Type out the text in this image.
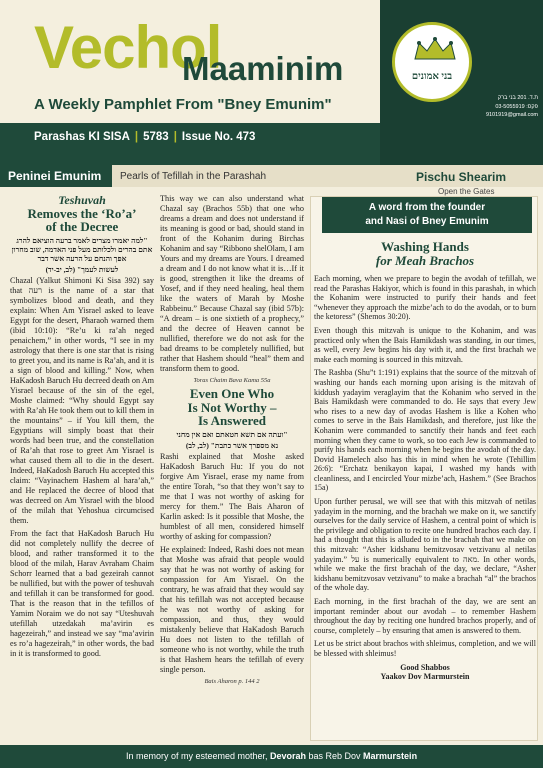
Vechol
Maaminim
A Weekly Pamphlet From "Bney Emunim"
Parashas KI SISA | 5783 | Issue No. 473
בני אמונים
ת.ד. 201 בני ברק
03-5055919 :פקס
9101919@gmail.com
Peninei Emunim Pearls of Tefillah in the Parashah	Pischu Shearim
Open the Gates
Teshuvah
Removes the ‘Ro’a’
of the Decree
"למה יאמרו מצרים לאמר ברעה הוציאם להרג אתם בהרים ולכלותם מעל פני האדמה, שוב מחרון אפך והנחם על הרעה אשר דבר
לעשות לעמך" (לב, יב-יד)

Chazal (Yalkut Shimoni Ki Sisa 392) say that רעה is the name of a star that symbolizes blood and death, and they explain: When Am Yisrael asked to leave Egypt for the desert, Pharaoh warned them (ibid 10:10): “Re’u ki ra’ah neged penaichem,” in other words, “I see in my astrology that there is one star that is rising to greet you, and its name is Ra’ah, and it is a sign of blood and killing.” Now, when HaKadosh Baruch Hu decreed death on Am Yisrael because of the sin of the egel, Moshe claimed: “Why should Egypt say with Ra’ah He took them out to kill them in the mountains” – if You kill them, the Egyptians will simply boast that their words had been true, and the constellation of Ra’ah that rose to greet Am Yisrael is what caused them all to die in the desert. Indeed, HaKadosh Baruch Hu accepted this claim: “Vayinachem Hashem al hara’ah,” and He replaced the decree of blood that was decreed on Am Yisrael with the blood of the milah that Yehoshua circumcised them.

From the fact that HaKadosh Baruch Hu did not completely nullify the decree of blood, and rather transformed it to the blood of the milah, Harav Avraham Chaim Schorr learned that a bad gezeirah cannot be nullified, but with the power of teshuvah and tefillah it can be transformed for good. That is the reason that in the tefillos of Yamim Noraim we do not say “Uteshuvah utefillah utzedakah ma’avirin es hagezeirah,” and instead we say “ma’avirin es ro’a hagezeirah,” in other words, the bad in it is transformed to good.

This way we can also understand what Chazal say (Brachos 55b) that one who dreams a dream and does not understand if its meaning is good or bad, should stand in front of the Kohanim during Birchas Kohanim and say “Ribbono shelOlam, I am Yours and my dreams are Yours. I dreamed a dream and I do not know what it is…If it is good, strengthen it like the dreams of Yosef, and if they need healing, heal them like the waters of Marah by Moshe Rabbeinu.” Because Chazal say (ibid 57b): “A dream – is one sixtieth of a prophecy,” and the decree of Heaven cannot be nullified, therefore we do not ask for the bad dreams to be completely nullified, but rather that Hashem should “heal” them and transform them to good.

Toras Chaim Bava Kama 55a
Even One Who
Is Not Worthy –
Is Answered
"ועתה אם תשא חטאתם ואם אין מחני
נא מספרך אשר כתבת" (לב, לב)

Rashi explained that Moshe asked HaKadosh Baruch Hu: If you do not forgive Am Yisrael, erase my name from the entire Torah, “so that they won’t say to me that I was not worthy of asking for mercy for them.” The Bais Aharon of Karlin asked: Is it possible that Moshe, the humblest of all men, considered himself worthy of asking for compassion?

He explained: Indeed, Rashi does not mean that Moshe was afraid that people would say that he was not worthy of asking for compassion for Am Yisrael. On the contrary, he was afraid that they would say that his tefillah was not accepted because he was not worthy of asking for compassion, and thus, they would mistakenly believe that HaKadosh Baruch Hu does not listen to the tefillah of someone who is not worthy, while the truth is that Hashem hears the tefillah of every single person.

Bais Aharon p. 144 2
A word from the founder
and Nasi of Bney Emunim
Washing Hands
for Meah Brachos

Each morning, when we prepare to begin the avodah of tefillah, we read the Parashas Hakiyor, which is found in this parashah, in which the Kohanim were instructed to purify their hands and feet “whenever they approach the mizbe’ach to do the avodah, or to burn the ketoress” (Shemos 30:20).

Even though this mitzvah is unique to the Kohanim, and was practiced only when the Bais Hamikdash was standing, in our times, as well, every Jew begins his day with it, and the first brachah we make each morning is sourced in this mitzvah.

The Rashba (Shu”t 1:191) explains that the source of the mitzvah of washing our hands each morning upon arising is the mitzvah of kiddush yadayim veraglayim that the Kohanim who served in the Bais Hamikdash were commanded to do. He says that every Jew who rises to a new day of avodas Hashem is like a Kohen who comes to serve in the Bais Hamikdash, and therefore, just like the Kohanim were commanded to sanctify their hands and feet each morning when they came to work, so too each Jew is commanded to purify his hands each morning when he begins the avodah of the day. Dovid Hamelech also has this in mind when he wrote (Tehillim 26:6): “Erchatz benikayon kapai, I washed my hands with cleanliness, and I encircled Your mizbe’ach, Hashem.” (See Brachos 15a)

Upon further perusal, we will see that with this mitzvah of netilas yadayim in the morning, and the brachah we make on it, we sanctify ourselves for the daily service of Hashem, a central point of which is the privilege and obligation to recite one hundred brachos each day. I had a thought that this is alluded to in the brachah that we make on this mitzvah: “Asher kidshanu bemitzvosav vetzivanu al netilas yadayim.” על is numerically equivalent to מאה. In other words, while we make the first brachah of the day, we declare, “Asher kidshanu bemitzvosav vetzivanu” to make a brachah “al” the brachos of the whole day.

Each morning, in the first brachah of the day, we are sent an important reminder about our avodah – to remember Hashem throughout the day by reciting one hundred brachos properly, and of course, completely – by ensuring that amen is answered to them.

Let us be strict about brachos with shleimus, completion, and we will be blessed with shleimus!

Good Shabbos
Yaakov Dov Marmurstein
In memory of my esteemed mother, Devorah bas Reb Dov Marmurstein
